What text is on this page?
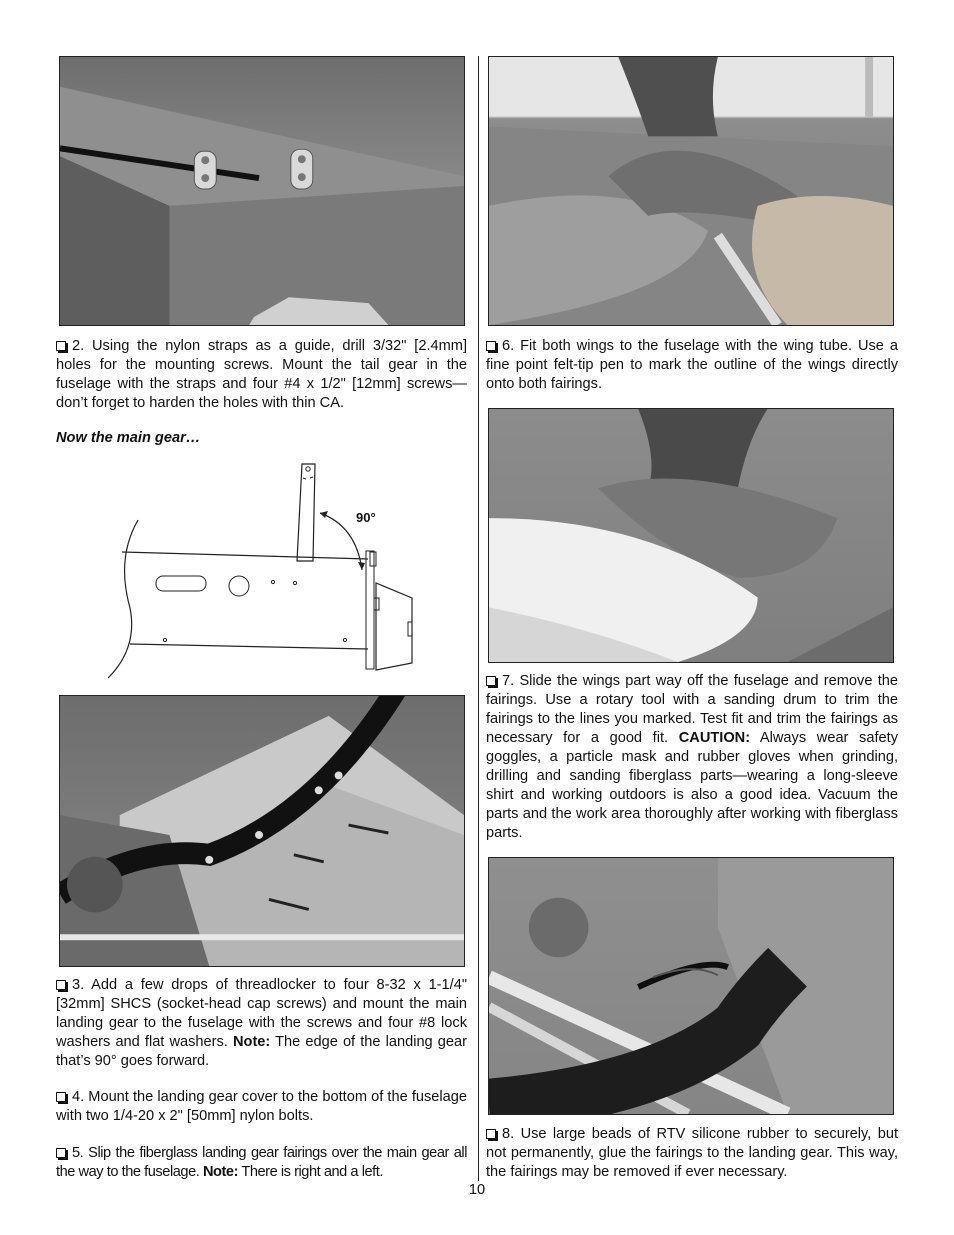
2. Using the nylon straps as a guide, drill 3/32" [2.4mm] holes for the mounting screws. Mount the tail gear in the fuselage with the straps and four #4 x 1/2" [12mm] screws—don’t forget to harden the holes with thin CA.

Now the main gear…

90°

3. Add a few drops of threadlocker to four 8-32 x 1-1/4" [32mm] SHCS (socket-head cap screws) and mount the main landing gear to the fuselage with the screws and four #8 lock washers and flat washers. Note: The edge of the landing gear that’s 90° goes forward.

4. Mount the landing gear cover to the bottom of the fuselage with two 1/4-20 x 2" [50mm] nylon bolts.

5. Slip the fiberglass landing gear fairings over the main gear all the way to the fuselage. Note: There is right and a left.

6. Fit both wings to the fuselage with the wing tube. Use a fine point felt-tip pen to mark the outline of the wings directly onto both fairings.

7. Slide the wings part way off the fuselage and remove the fairings. Use a rotary tool with a sanding drum to trim the fairings to the lines you marked. Test fit and trim the fairings as necessary for a good fit. CAUTION: Always wear safety goggles, a particle mask and rubber gloves when grinding, drilling and sanding fiberglass parts—wearing a long-sleeve shirt and working outdoors is also a good idea. Vacuum the parts and the work area thoroughly after working with fiberglass parts.

8. Use large beads of RTV silicone rubber to securely, but not permanently, glue the fairings to the landing gear. This way, the fairings may be removed if ever necessary.

10
